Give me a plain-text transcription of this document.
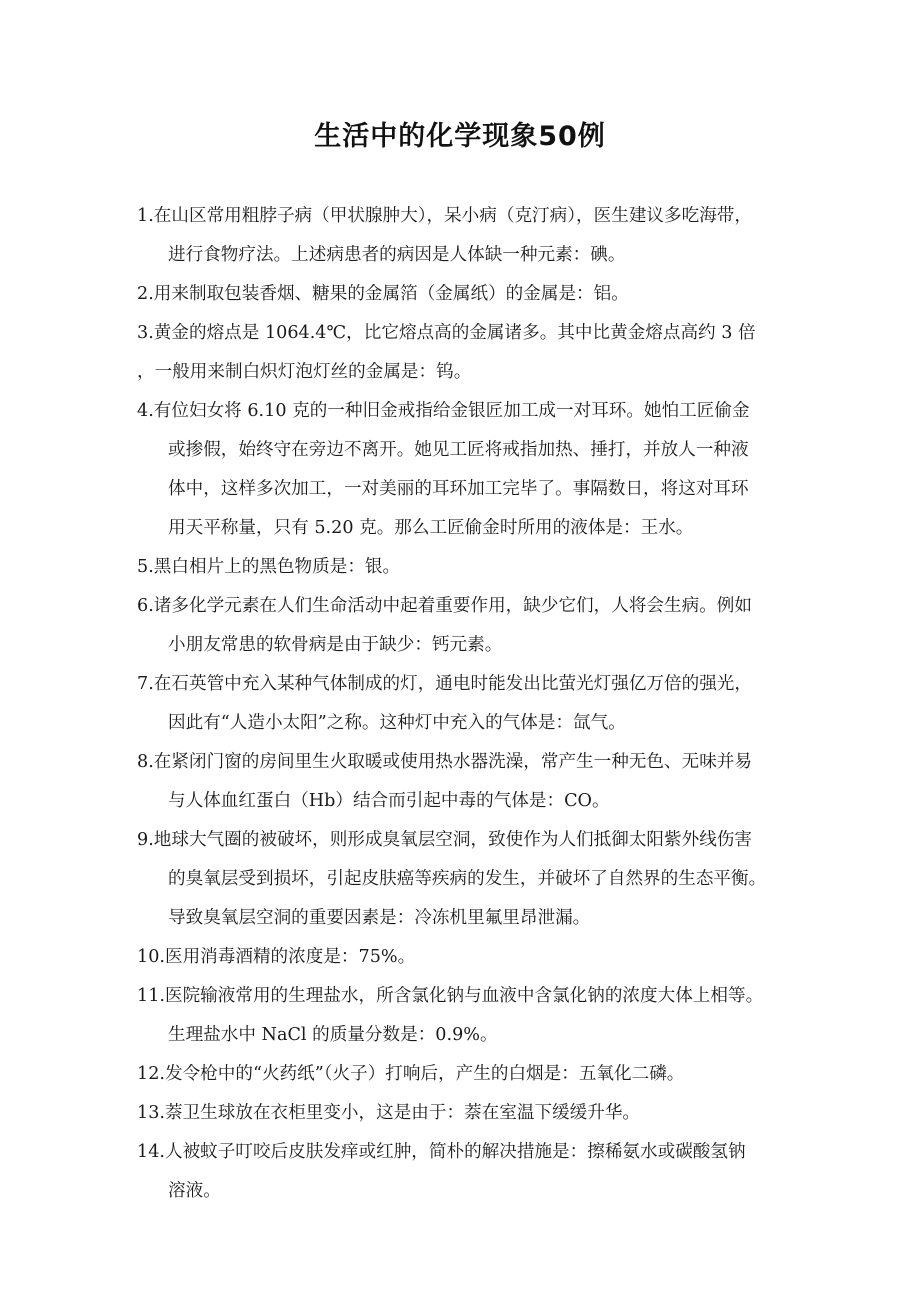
生活中的化学现象50例
1.在山区常用粗脖子病（甲状腺肿大），呆小病（克汀病），医生建议多吃海带，
进行食物疗法。上述病患者的病因是人体缺一种元素：碘。
2.用来制取包装香烟、糖果的金属箔（金属纸）的金属是：铝。
3.黄金的熔点是 1064.4℃，比它熔点高的金属诸多。其中比黄金熔点高约 3 倍
，一般用来制白炽灯泡灯丝的金属是：钨。
4.有位妇女将 6.10 克的一种旧金戒指给金银匠加工成一对耳环。她怕工匠偷金
或掺假，始终守在旁边不离开。她见工匠将戒指加热、捶打，并放人一种液
体中，这样多次加工，一对美丽的耳环加工完毕了。事隔数日，将这对耳环
用天平称量，只有 5.20 克。那么工匠偷金时所用的液体是：王水。
5.黑白相片上的黑色物质是：银。
6.诸多化学元素在人们生命活动中起着重要作用，缺少它们，人将会生病。例如
小朋友常患的软骨病是由于缺少：钙元素。
7.在石英管中充入某种气体制成的灯，通电时能发出比萤光灯强亿万倍的强光，
因此有“人造小太阳”之称。这种灯中充入的气体是：氙气。
8.在紧闭门窗的房间里生火取暖或使用热水器洗澡，常产生一种无色、无味并易
与人体血红蛋白（Hb）结合而引起中毒的气体是：CO。
9.地球大气圈的被破坏，则形成臭氧层空洞，致使作为人们抵御太阳紫外线伤害
的臭氧层受到损坏，引起皮肤癌等疾病的发生，并破坏了自然界的生态平衡。
导致臭氧层空洞的重要因素是：冷冻机里氟里昂泄漏。
10.医用消毒酒精的浓度是：75%。
11.医院输液常用的生理盐水，所含氯化钠与血液中含氯化钠的浓度大体上相等。
生理盐水中 NaCl 的质量分数是：0.9%。
12.发令枪中的“火药纸”（火子）打响后，产生的白烟是：五氧化二磷。
13.萘卫生球放在衣柜里变小，这是由于：萘在室温下缓缓升华。
14.人被蚊子叮咬后皮肤发痒或红肿，简朴的解决措施是：擦稀氨水或碳酸氢钠
溶液。
